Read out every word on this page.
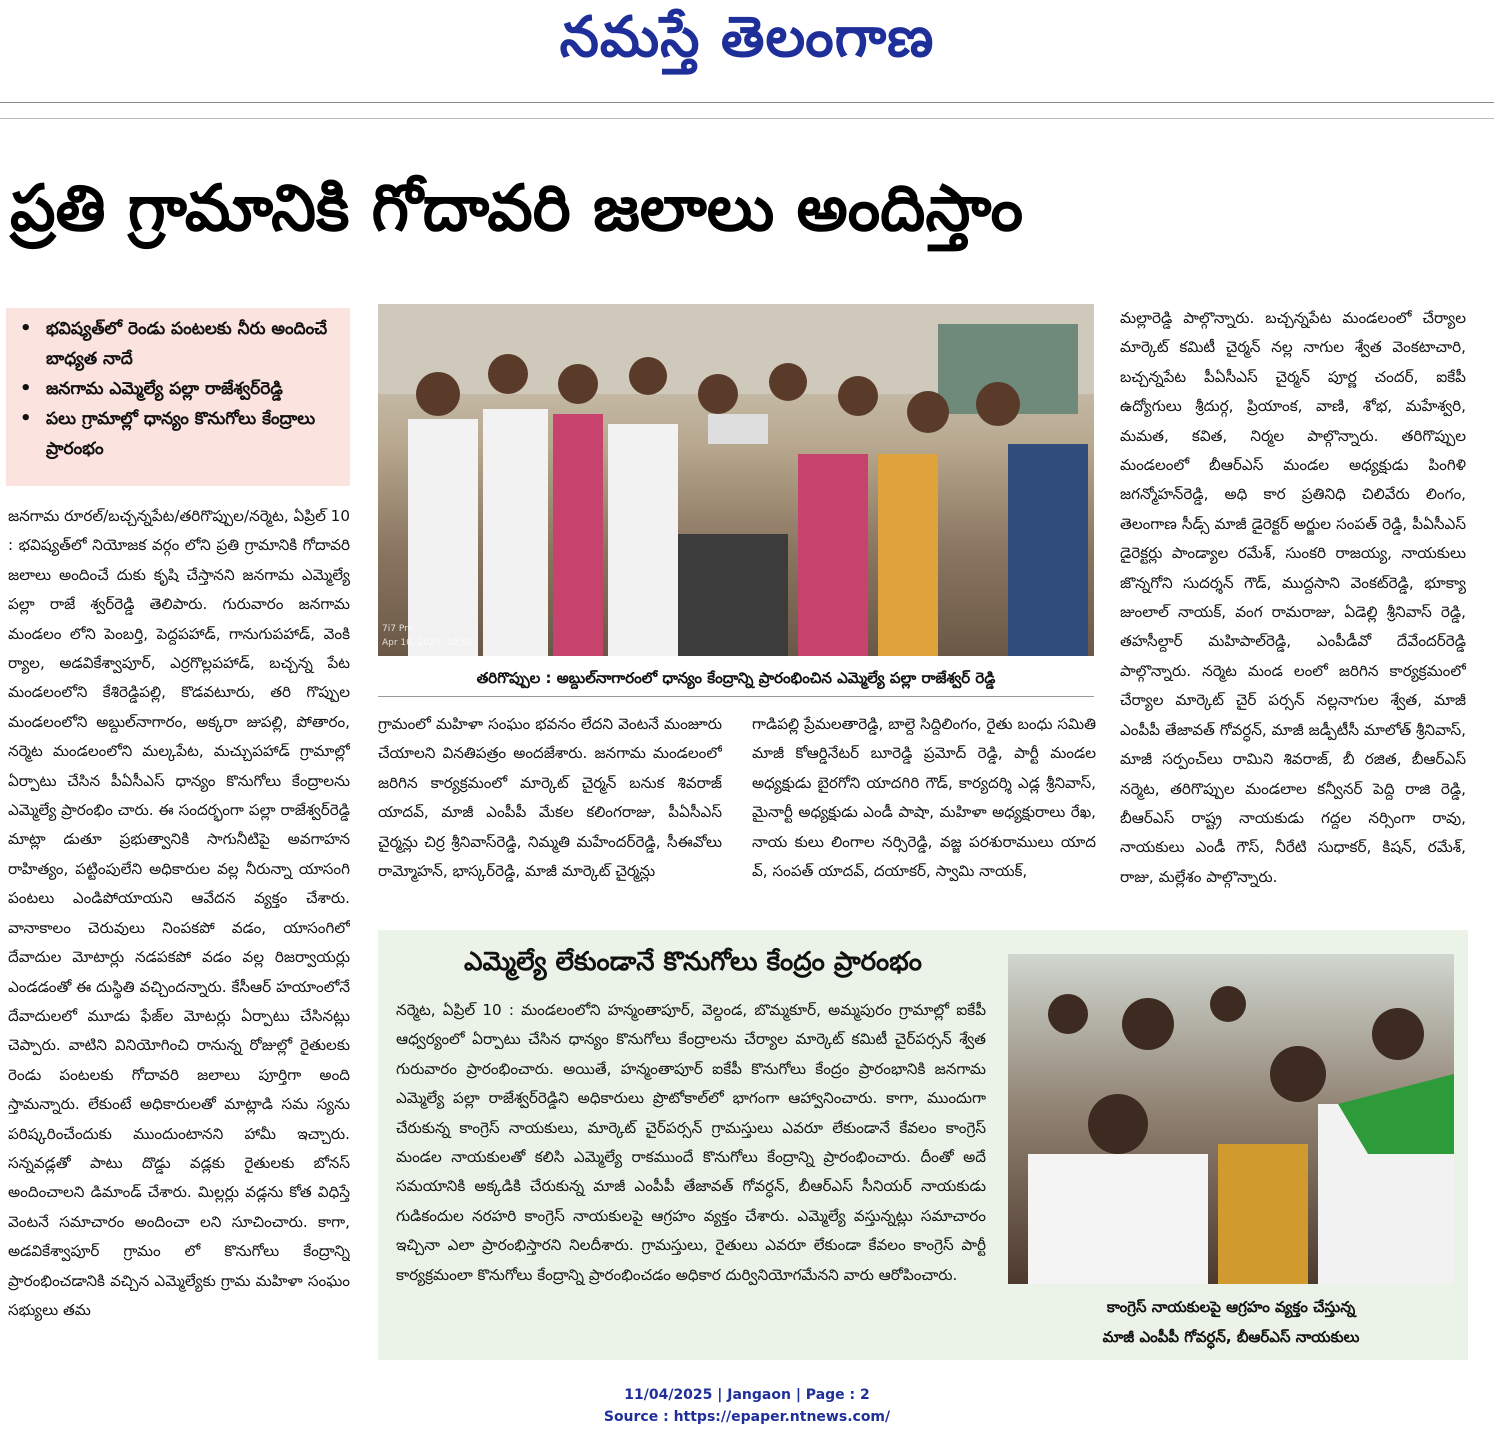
నమస్తే తెలంగాణ
ప్రతి గ్రామానికి గోదావరి జలాలు అందిస్తాం
• భవిష్యత్‌లో రెండు పంటలకు నీరు అందించే బాధ్యత నాదే
• జనగామ ఎమ్మెల్యే పల్లా రాజేశ్వర్‌రెడ్డి
• పలు గ్రామాల్లో ధాన్యం కొనుగోలు కేంద్రాలు ప్రారంభం
జనగామ రూరల్‌/బచ్చన్నపేట/తరిగొప్పుల/నర్మెట, ఏప్రిల్‌ 10 : భవిష్యత్‌లో నియోజక వర్గం లోని ప్రతి గ్రామానికి గోదావరి జలాలు అందించే దుకు కృషి చేస్తానని జనగామ ఎమ్మెల్యే పల్లా రాజే శ్వర్‌రెడ్డి తెలిపారు. గురువారం జనగామ మండలం లోని పెంబర్తి, పెద్దపహాడ్‌, గానుగుపహాడ్‌, వెంకి ర్యాల, అడవికేశ్వాపూర్‌, ఎర్రగొల్లపహాడ్‌, బచ్చన్న పేట మండలంలోని కేశిరెడ్డిపల్లి, కొడవటూరు, తరి గొప్పుల మండలంలోని అబ్దుల్‌నాగారం, అక్కరా జుపల్లి, పోతారం, నర్మెట మండలంలోని మల్కపేట, మచ్చుపహాడ్‌ గ్రామాల్లో ఏర్పాటు చేసిన పీఏసీఎస్‌ ధాన్యం కొనుగోలు కేంద్రాలను ఎమ్మెల్యే ప్రారంభిం చారు. ఈ సందర్భంగా పల్లా రాజేశ్వర్‌రెడ్డి మాట్లా డుతూ ప్రభుత్వానికి సాగునీటిపై అవగాహన రాహిత్యం, పట్టింపులేని అధికారుల వల్ల నీరున్నా యాసంగి పంటలు ఎండిపోయాయని ఆవేదన వ్యక్తం చేశారు. వానాకాలం చెరువులు నింపకపో వడం, యాసంగిలో దేవాదుల మోటార్లు నడపకపో వడం వల్ల రిజర్వాయర్లు ఎండడంతో ఈ దుస్థితి వచ్చిందన్నారు. కేసీఆర్‌ హయాంలోనే దేవాదులలో మూడు ఫేజ్‌ల మోటర్లు ఏర్పాటు చేసినట్లు చెప్పారు. వాటిని వినియోగించి రానున్న రోజుల్లో రైతులకు రెండు పంటలకు గోదావరి జలాలు పూర్తిగా అంది స్తామన్నారు. లేకుంటే అధికారులతో మాట్లాడి సమ స్యను పరిష్కరించేందుకు ముందుంటానని హామీ ఇచ్చారు. సన్నవడ్లతో పాటు దొడ్డు వడ్లకు రైతులకు బోనస్‌ అందించాలని డిమాండ్‌ చేశారు. మిల్లర్లు వడ్లను కోత విధిస్తే వెంటనే సమాచారం అందించా లని సూచించారు. కాగా, అడవికేశ్వాపూర్‌ గ్రామం లో కొనుగోలు కేంద్రాన్ని ప్రారంభించడానికి వచ్చిన ఎమ్మెల్యేకు గ్రామ మహిళా సంఘం సభ్యులు తమ
7i7 Pro
Apr 10, 2025, 10:50
తరిగొప్పుల : అబ్దుల్‌నాగారంలో ధాన్యం కేంద్రాన్ని ప్రారంభించిన ఎమ్మెల్యే పల్లా రాజేశ్వర్‌ రెడ్డి
గ్రామంలో మహిళా సంఘం భవనం లేదని వెంటనే మంజూరు చేయాలని వినతిపత్రం అందజేశారు. జనగామ మండలంలో జరిగిన కార్యక్రమంలో మార్కెట్‌ చైర్మన్‌ బనుక శివరాజ్‌ యాదవ్‌, మాజీ ఎంపీపీ మేకల కలింగరాజు, పీఏసీఎస్‌ చైర్మన్లు చిర్ర శ్రీనివాస్‌రెడ్డి, నిమ్మతి మహేందర్‌రెడ్డి, సీఈవోలు రామ్మోహన్‌, భాస్కర్‌రెడ్డి, మాజీ మార్కెట్‌ చైర్మన్లు
గాడిపల్లి ప్రేమలతారెడ్డి, బాల్దె సిద్దిలింగం, రైతు బంధు సమితి మాజీ కోఆర్డినేటర్‌ బూరెడ్డి ప్రమోద్‌ రెడ్డి, పార్టీ మండల అధ్యక్షుడు బైరగోని యాదగిరి గౌడ్‌, కార్యదర్శి ఎడ్ల శ్రీనివాస్‌, మైనార్టీ అధ్యక్షుడు ఎండీ పాషా, మహిళా అధ్యక్షురాలు రేఖ, నాయ కులు లింగాల నర్సిరెడ్డి, వజ్జ పరశురాములు యాద వ్‌, సంపత్‌ యాదవ్‌, దయాకర్‌, స్వామి నాయక్‌,
మల్లారెడ్డి పాల్గొన్నారు. బచ్చన్నపేట మండలంలో చేర్యాల మార్కెట్‌ కమిటీ చైర్మన్‌ నల్ల నాగుల శ్వేత వెంకటాచారి, బచ్చన్నపేట పీఏసీఎస్‌ చైర్మన్‌ పూర్ణ చందర్‌, ఐకేపీ ఉద్యోగులు శ్రీదుర్గ, ప్రియాంక, వాణి, శోభ, మహేశ్వరి, మమత, కవిత, నిర్మల పాల్గొన్నారు. తరిగొప్పుల మండలంలో బీఆర్‌ఎస్‌ మండల అధ్యక్షుడు పింగిళి జగన్మోహన్‌రెడ్డి, అధి కార ప్రతినిధి చిలివేరు లింగం, తెలంగాణ సీడ్స్‌ మాజీ డైరెక్టర్‌ అర్జుల సంపత్‌ రెడ్డి, పీఏసీఎస్‌ డైరెక్టర్లు పాండ్యాల రమేశ్‌, సుంకరి రాజయ్య, నాయకులు జొన్నగోని సుదర్శన్‌ గౌడ్‌, ముద్దసాని వెంకట్‌రెడ్డి, భూక్యా జుంలాల్‌ నాయక్‌, వంగ రామరాజు, ఏడెల్లి శ్రీనివాస్‌ రెడ్డి, తహసీల్దార్‌ మహిపాల్‌రెడ్డి, ఎంపీడీవో దేవేందర్‌రెడ్డి పాల్గొన్నారు. నర్మెట మండ లంలో జరిగిన కార్యక్రమంలో చేర్యాల మార్కెట్‌ చైర్ పర్సన్‌ నల్లనాగుల శ్వేత, మాజీ ఎంపీపీ తేజావత్‌ గోవర్ధన్‌, మాజీ జడ్పీటీసీ మాలోత్‌ శ్రీనివాస్‌, మాజీ సర్పంచ్‌లు రామిని శివరాజ్‌, బీ రజిత, బీఆర్‌ఎస్‌ నర్మెట, తరిగొప్పుల మండలాల కన్వీనర్‌ పెద్ది రాజి రెడ్డి, బీఆర్‌ఎస్‌ రాష్ట్ర నాయకుడు గద్దల నర్సింగా రావు, నాయకులు ఎండీ గౌస్‌, నీరేటి సుధాకర్‌, కిషన్‌, రమేశ్‌, రాజు, మల్లేశం పాల్గొన్నారు.
ఎమ్మెల్యే లేకుండానే కొనుగోలు కేంద్రం ప్రారంభం
నర్మెట, ఏప్రిల్‌ 10 : మండలంలోని హన్మంతాపూర్‌, వెల్దండ, బొమ్మకూర్‌, అమ్మపురం గ్రామాల్లో ఐకేపీ ఆధ్వర్యంలో ఏర్పాటు చేసిన ధాన్యం కొనుగోలు కేంద్రాలను చేర్యాల మార్కెట్‌ కమిటీ చైర్‌పర్సన్‌ శ్వేత గురువారం ప్రారంభించారు. అయితే, హన్మంతాపూర్‌ ఐకేపీ కొనుగోలు కేంద్రం ప్రారంభానికి జనగామ ఎమ్మెల్యే పల్లా రాజేశ్వర్‌రెడ్డిని అధికారులు ప్రొటోకాల్‌లో భాగంగా ఆహ్వానించారు. కాగా, ముందుగా చేరుకున్న కాంగ్రెస్‌ నాయకులు, మార్కెట్‌ చైర్‌పర్సన్‌ గ్రామస్తులు ఎవరూ లేకుండానే కేవలం కాంగ్రెస్‌ మండల నాయకులతో కలిసి ఎమ్మెల్యే రాకముందే కొనుగోలు కేంద్రాన్ని ప్రారంభించారు. దీంతో అదే సమయానికి అక్కడికి చేరుకున్న మాజీ ఎంపీపీ తేజావత్‌ గోవర్ధన్‌, బీఆర్‌ఎస్‌ సీనియర్‌ నాయకుడు గుడికందుల నరహరి కాంగ్రెస్‌ నాయకులపై ఆగ్రహం వ్యక్తం చేశారు. ఎమ్మెల్యే వస్తున్నట్లు సమాచారం ఇచ్చినా ఎలా ప్రారంభిస్తారని నిలదీశారు. గ్రామస్తులు, రైతులు ఎవరూ లేకుండా కేవలం కాంగ్రెస్‌ పార్టీ కార్యక్రమంలా కొనుగోలు కేంద్రాన్ని ప్రారంభించడం అధికార దుర్వినియోగమేనని వారు ఆరోపించారు.
కాంగ్రెస్‌ నాయకులపై ఆగ్రహం వ్యక్తం చేస్తున్న
మాజీ ఎంపీపీ గోవర్ధన్‌, బీఆర్‌ఎస్‌ నాయకులు
11/04/2025 | Jangaon | Page : 2
Source : https://epaper.ntnews.com/
